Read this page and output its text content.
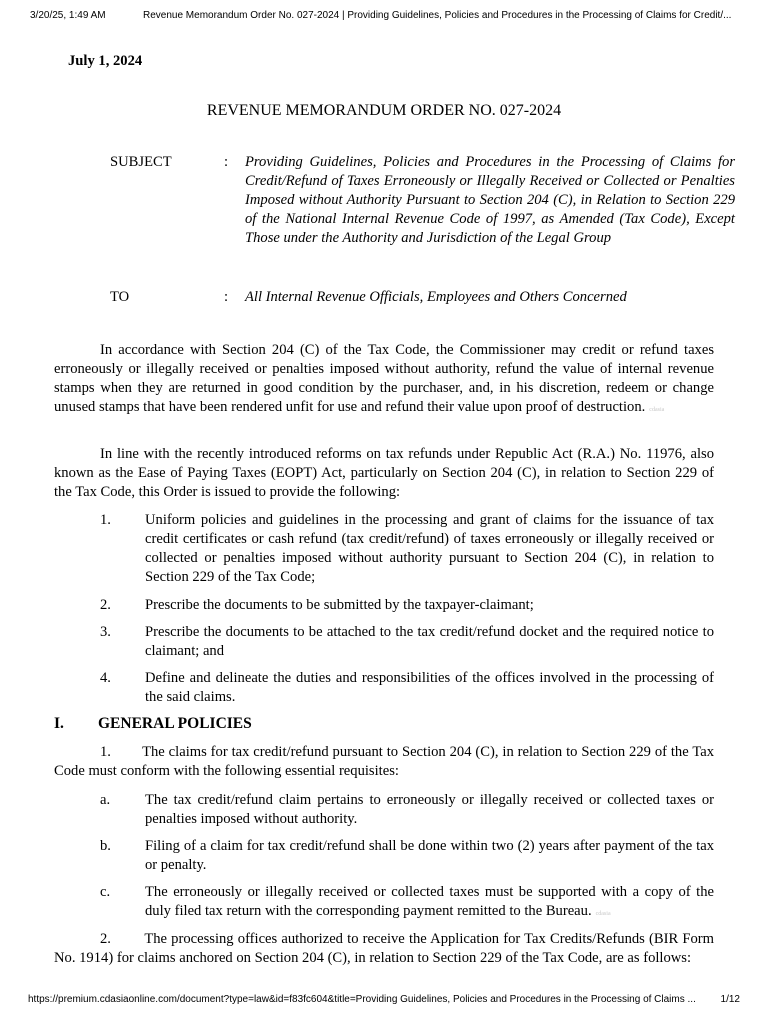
3/20/25, 1:49 AM	Revenue Memorandum Order No. 027-2024 | Providing Guidelines, Policies and Procedures in the Processing of Claims for Credit/...
July 1, 2024
REVENUE MEMORANDUM ORDER NO. 027-2024
SUBJECT	: Providing Guidelines, Policies and Procedures in the Processing of Claims for Credit/Refund of Taxes Erroneously or Illegally Received or Collected or Penalties Imposed without Authority Pursuant to Section 204 (C), in Relation to Section 229 of the National Internal Revenue Code of 1997, as Amended (Tax Code), Except Those under the Authority and Jurisdiction of the Legal Group
TO	: All Internal Revenue Officials, Employees and Others Concerned
In accordance with Section 204 (C) of the Tax Code, the Commissioner may credit or refund taxes erroneously or illegally received or penalties imposed without authority, refund the value of internal revenue stamps when they are returned in good condition by the purchaser, and, in his discretion, redeem or change unused stamps that have been rendered unfit for use and refund their value upon proof of destruction. cdasia
In line with the recently introduced reforms on tax refunds under Republic Act (R.A.) No. 11976, also known as the Ease of Paying Taxes (EOPT) Act, particularly on Section 204 (C), in relation to Section 229 of the Tax Code, this Order is issued to provide the following:
1. Uniform policies and guidelines in the processing and grant of claims for the issuance of tax credit certificates or cash refund (tax credit/refund) of taxes erroneously or illegally received or collected or penalties imposed without authority pursuant to Section 204 (C), in relation to Section 229 of the Tax Code;
2. Prescribe the documents to be submitted by the taxpayer-claimant;
3. Prescribe the documents to be attached to the tax credit/refund docket and the required notice to claimant; and
4. Define and delineate the duties and responsibilities of the offices involved in the processing of the said claims.
I. GENERAL POLICIES
1.        The claims for tax credit/refund pursuant to Section 204 (C), in relation to Section 229 of the Tax Code must conform with the following essential requisites:
a. The tax credit/refund claim pertains to erroneously or illegally received or collected taxes or penalties imposed without authority.
b. Filing of a claim for tax credit/refund shall be done within two (2) years after payment of the tax or penalty.
c. The erroneously or illegally received or collected taxes must be supported with a copy of the duly filed tax return with the corresponding payment remitted to the Bureau. cdasia
2.        The processing offices authorized to receive the Application for Tax Credits/Refunds (BIR Form No. 1914) for claims anchored on Section 204 (C), in relation to Section 229 of the Tax Code, are as follows:
https://premium.cdasiaonline.com/document?type=law&id=f83fc604&title=Providing Guidelines, Policies and Procedures in the Processing of Claims ... 1/12
